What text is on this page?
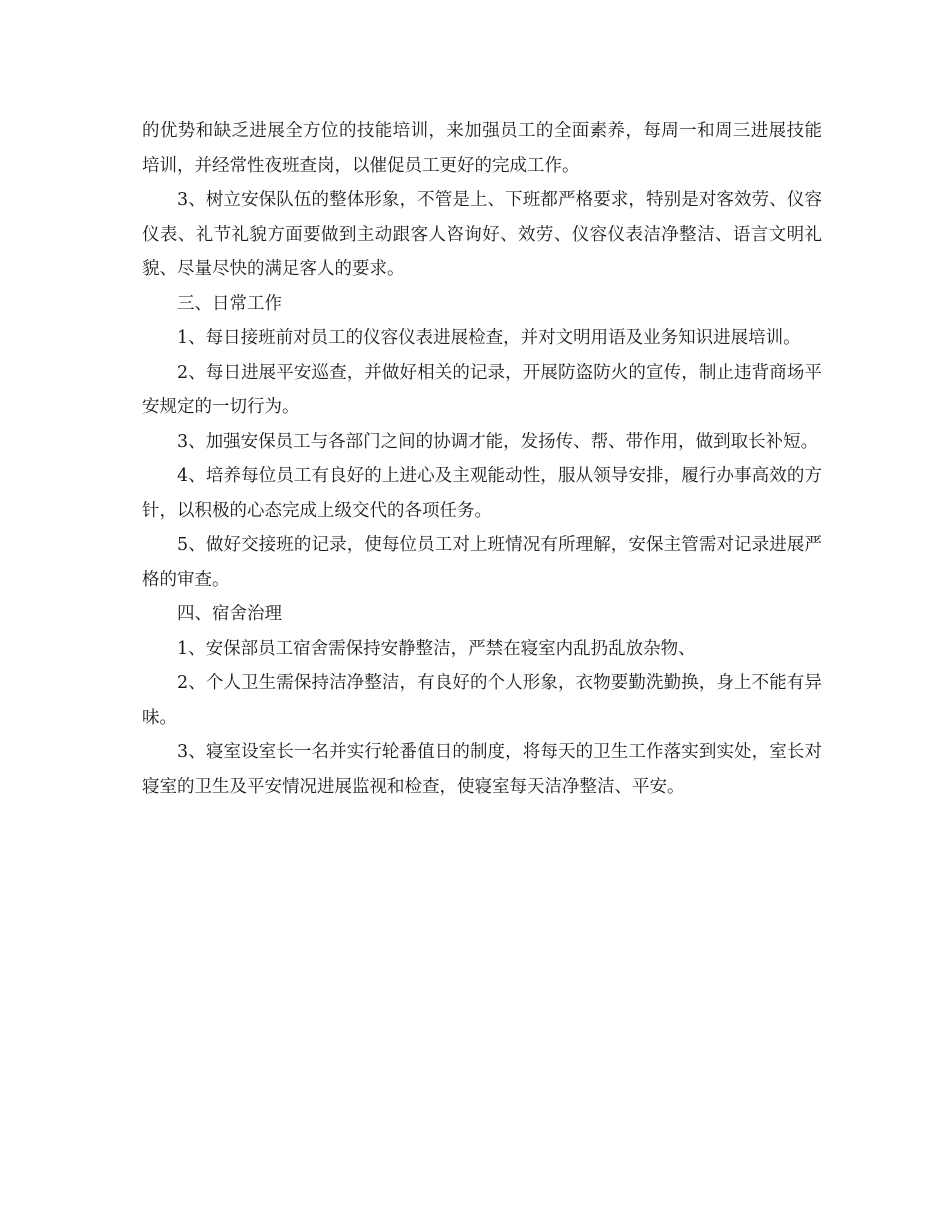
的优势和缺乏进展全方位的技能培训，来加强员工的全面素养，每周一和周三进展技能培训，并经常性夜班查岗，以催促员工更好的完成工作。

3、树立安保队伍的整体形象，不管是上、下班都严格要求，特别是对客效劳、仪容仪表、礼节礼貌方面要做到主动跟客人咨询好、效劳、仪容仪表洁净整洁、语言文明礼貌、尽量尽快的满足客人的要求。

三、日常工作

1、每日接班前对员工的仪容仪表进展检查，并对文明用语及业务知识进展培训。

2、每日进展平安巡查，并做好相关的记录，开展防盗防火的宣传，制止违背商场平安规定的一切行为。

3、加强安保员工与各部门之间的协调才能，发扬传、帮、带作用，做到取长补短。

4、培养每位员工有良好的上进心及主观能动性，服从领导安排，履行办事高效的方针，以积极的心态完成上级交代的各项任务。

5、做好交接班的记录，使每位员工对上班情况有所理解，安保主管需对记录进展严格的审查。

四、宿舍治理

1、安保部员工宿舍需保持安静整洁，严禁在寝室内乱扔乱放杂物、

2、个人卫生需保持洁净整洁，有良好的个人形象，衣物要勤洗勤换，身上不能有异味。

3、寝室设室长一名并实行轮番值日的制度，将每天的卫生工作落实到实处，室长对寝室的卫生及平安情况进展监视和检查，使寝室每天洁净整洁、平安。
